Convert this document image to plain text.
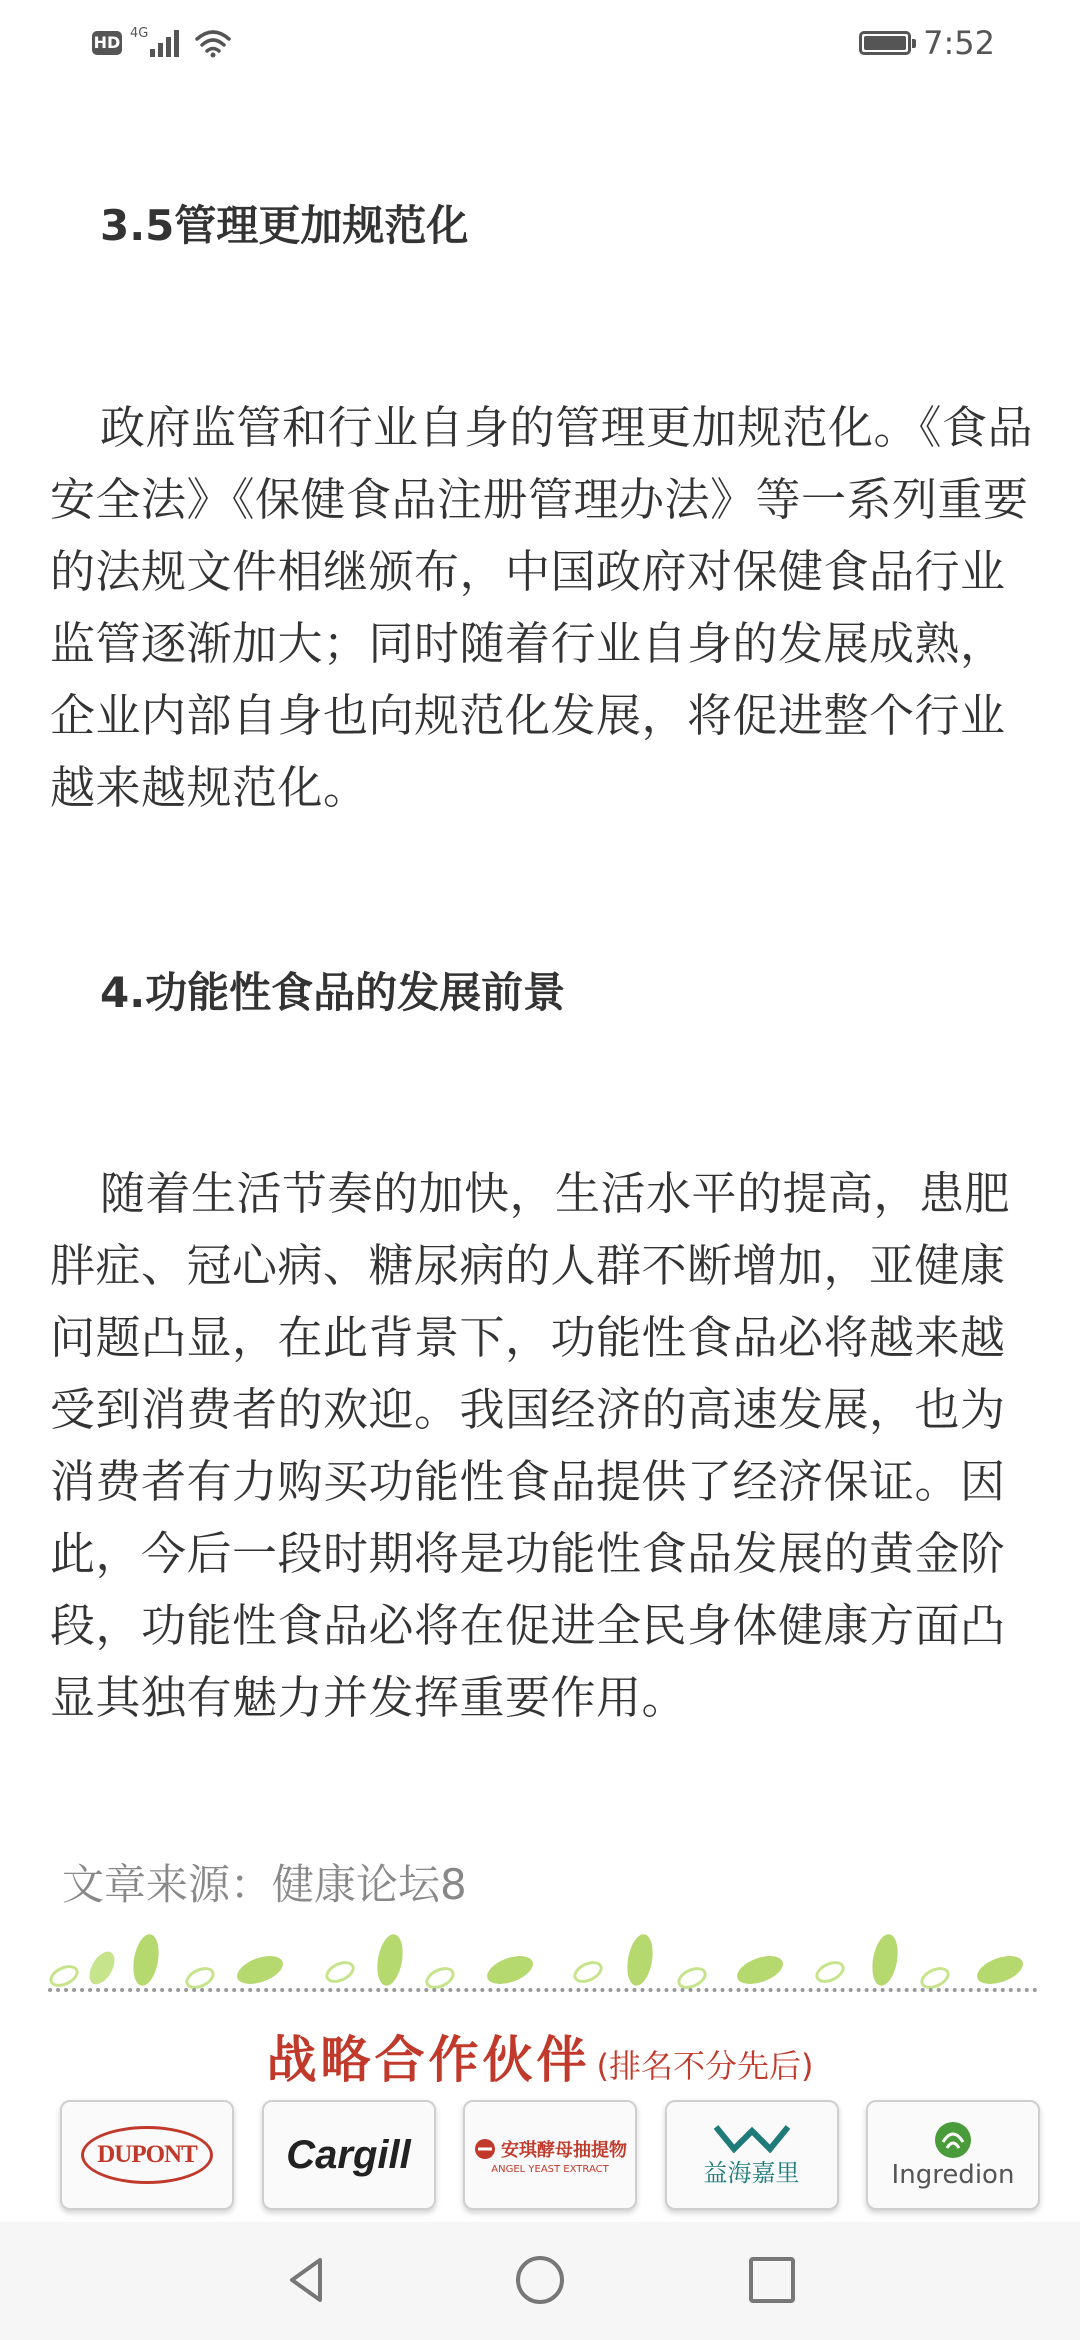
HD 4G	7:52
3.5管理更加规范化

政府监管和行业自身的管理更加规范化。《食品安全法》《保健食品注册管理办法》等一系列重要的法规文件相继颁布，中国政府对保健食品行业监管逐渐加大；同时随着行业自身的发展成熟，企业内部自身也向规范化发展，将促进整个行业越来越规范化。

4.功能性食品的发展前景

随着生活节奏的加快，生活水平的提高，患肥胖症、冠心病、糖尿病的人群不断增加，亚健康问题凸显，在此背景下，功能性食品必将越来越受到消费者的欢迎。我国经济的高速发展，也为消费者有力购买功能性食品提供了经济保证。因此，今后一段时期将是功能性食品发展的黄金阶段，功能性食品必将在促进全民身体健康方面凸显其独有魅力并发挥重要作用。

文章来源：健康论坛8

战略合作伙伴 (排名不分先后)
DUPONT Cargill	安琪酵母抽提物
ANGEL YEAST EXTRACT	益海嘉里	Ingredion
